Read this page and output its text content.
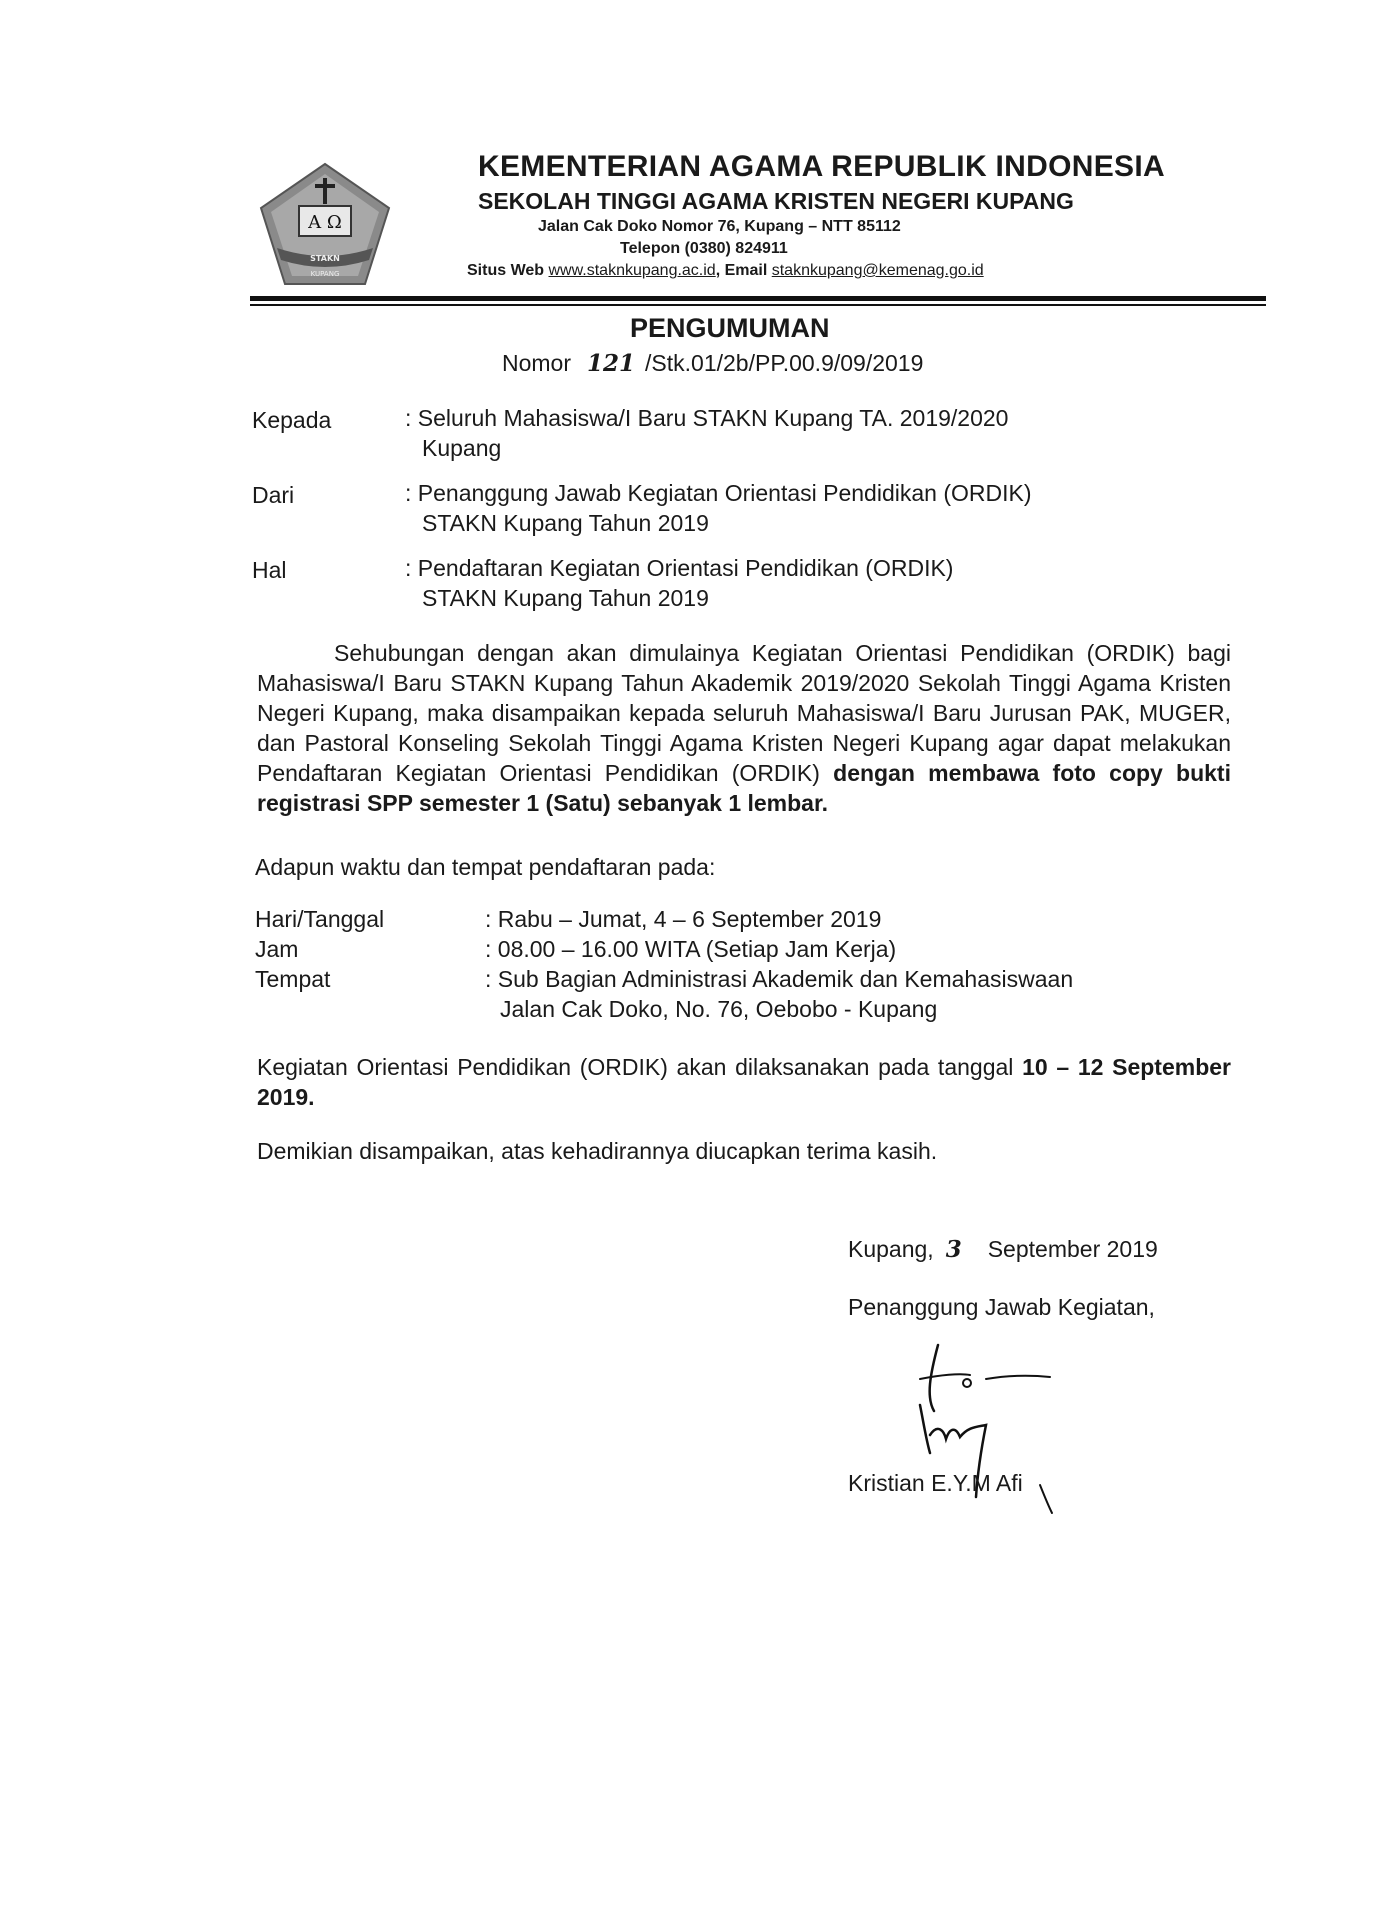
A Ω
STAKN
KUPANG
KEMENTERIAN AGAMA REPUBLIK INDONESIA
SEKOLAH TINGGI AGAMA KRISTEN NEGERI KUPANG
Jalan Cak Doko Nomor 76, Kupang – NTT 85112
Telepon (0380) 824911
Situs Web www.staknkupang.ac.id, Email staknkupang@kemenag.go.id
PENGUMUMAN
Nomor 121 /Stk.01/2b/PP.00.9/09/2019
Kepada	: Seluruh Mahasiswa/I Baru STAKN Kupang TA. 2019/2020
Kupang
Dari	: Penanggung Jawab Kegiatan Orientasi Pendidikan (ORDIK)
STAKN Kupang Tahun 2019
Hal	: Pendaftaran Kegiatan Orientasi Pendidikan (ORDIK)
STAKN Kupang Tahun 2019
Sehubungan dengan akan dimulainya Kegiatan Orientasi Pendidikan (ORDIK) bagi Mahasiswa/I Baru STAKN Kupang Tahun Akademik 2019/2020 Sekolah Tinggi Agama Kristen Negeri Kupang, maka disampaikan kepada seluruh Mahasiswa/I Baru Jurusan PAK, MUGER, dan Pastoral Konseling Sekolah Tinggi Agama Kristen Negeri Kupang agar dapat melakukan Pendaftaran Kegiatan Orientasi Pendidikan (ORDIK) dengan membawa foto copy bukti registrasi SPP semester 1 (Satu) sebanyak 1 lembar.
Adapun waktu dan tempat pendaftaran pada:
Hari/Tanggal	: Rabu – Jumat, 4 – 6 September 2019
Jam	: 08.00 – 16.00 WITA (Setiap Jam Kerja)
Tempat	: Sub Bagian Administrasi Akademik dan Kemahasiswaan
Jalan Cak Doko, No. 76, Oebobo - Kupang
Kegiatan Orientasi Pendidikan (ORDIK) akan dilaksanakan pada tanggal 10 – 12 September 2019.
Demikian disampaikan, atas kehadirannya diucapkan terima kasih.
Kupang, 3 September 2019
Penanggung Jawab Kegiatan,
Kristian E.Y.M Afi
